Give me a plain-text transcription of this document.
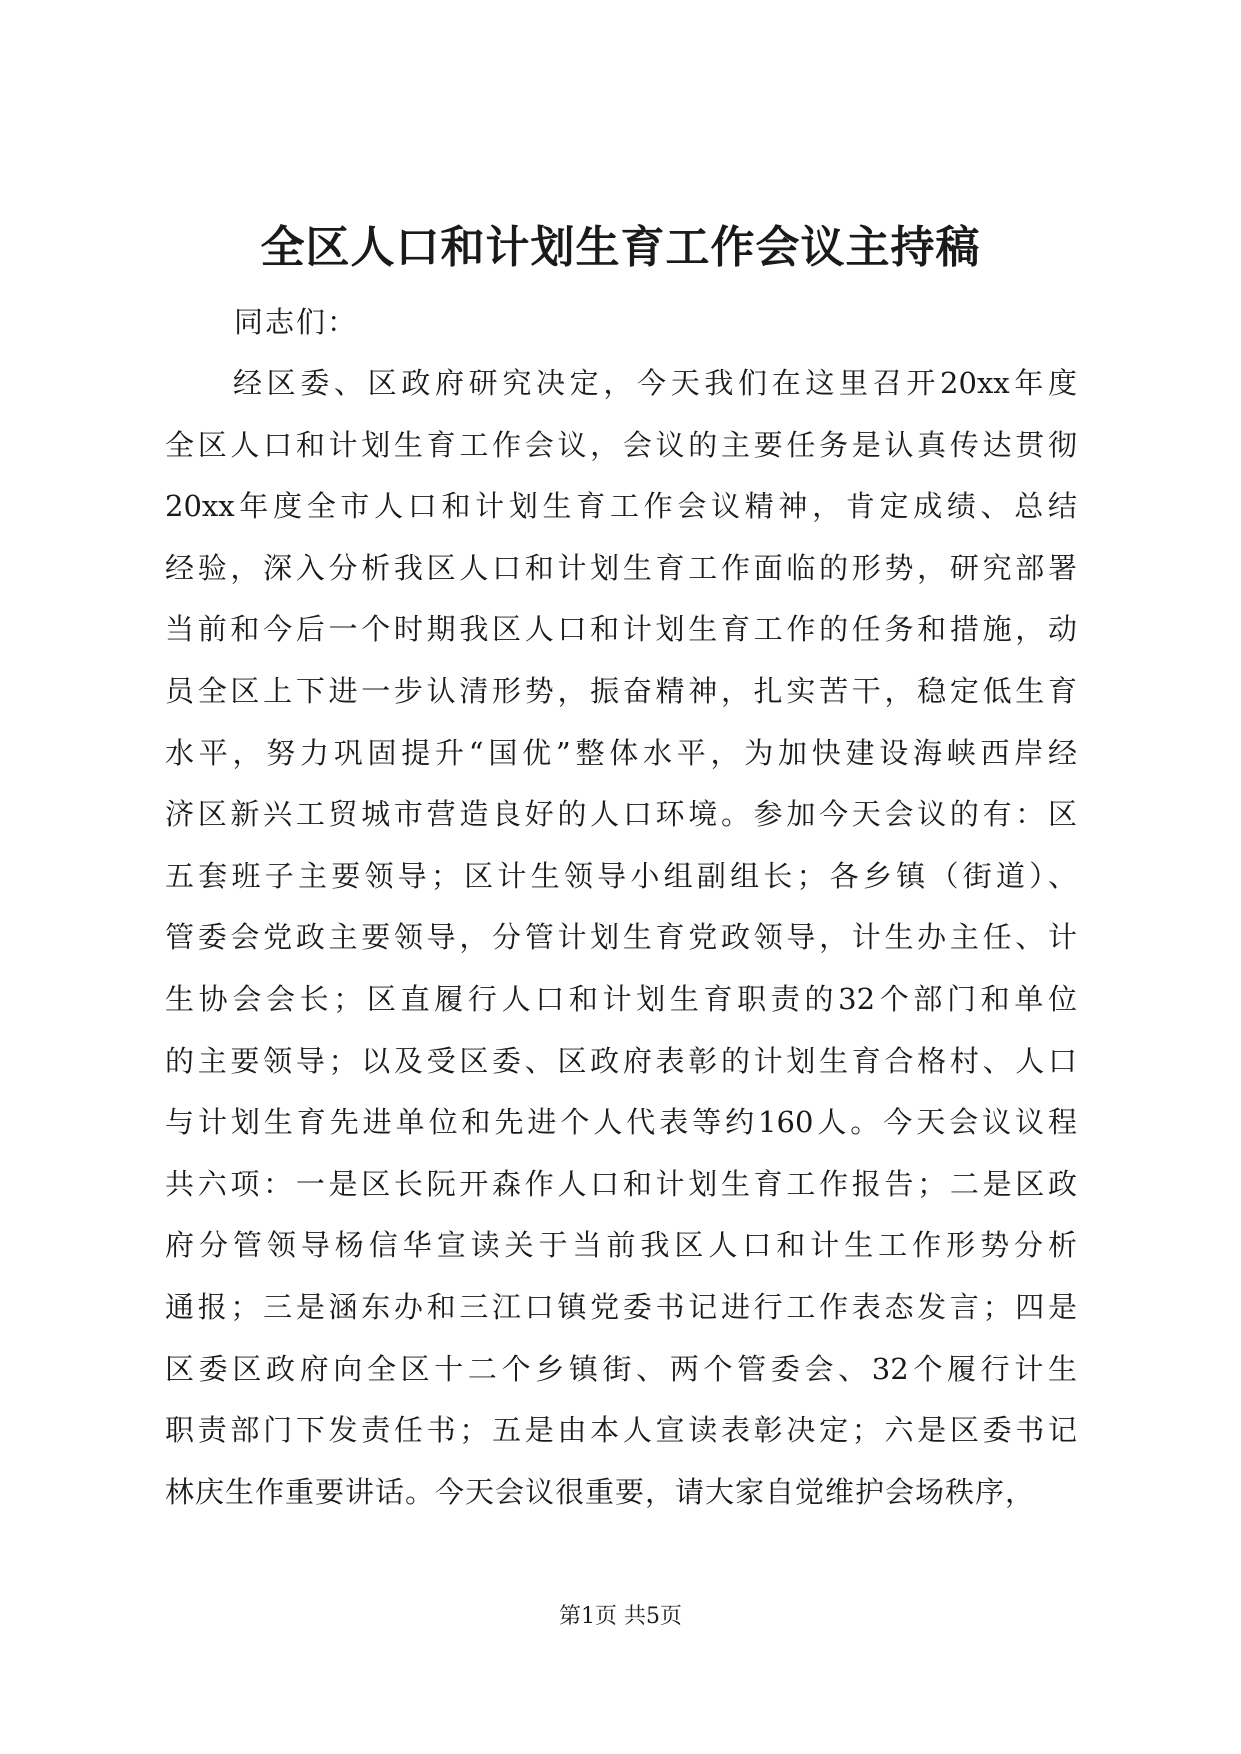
全区人口和计划生育工作会议主持稿

同志们：

经区委、区政府研究决定，今天我们在这里召开20xx年度
全区人口和计划生育工作会议，会议的主要任务是认真传达贯彻
20xx年度全市人口和计划生育工作会议精神，肯定成绩、总结
经验，深入分析我区人口和计划生育工作面临的形势，研究部署
当前和今后一个时期我区人口和计划生育工作的任务和措施，动
员全区上下进一步认清形势，振奋精神，扎实苦干，稳定低生育
水平，努力巩固提升“国优”整体水平，为加快建设海峡西岸经
济区新兴工贸城市营造良好的人口环境。参加今天会议的有：区
五套班子主要领导；区计生领导小组副组长；各乡镇（街道）、
管委会党政主要领导，分管计划生育党政领导，计生办主任、计
生协会会长；区直履行人口和计划生育职责的32个部门和单位
的主要领导；以及受区委、区政府表彰的计划生育合格村、人口
与计划生育先进单位和先进个人代表等约160人。今天会议议程
共六项：一是区长阮开森作人口和计划生育工作报告；二是区政
府分管领导杨信华宣读关于当前我区人口和计生工作形势分析
通报；三是涵东办和三江口镇党委书记进行工作表态发言；四是
区委区政府向全区十二个乡镇街、两个管委会、32个履行计生
职责部门下发责任书；五是由本人宣读表彰决定；六是区委书记
林庆生作重要讲话。今天会议很重要，请大家自觉维护会场秩序，

第1页 共5页
